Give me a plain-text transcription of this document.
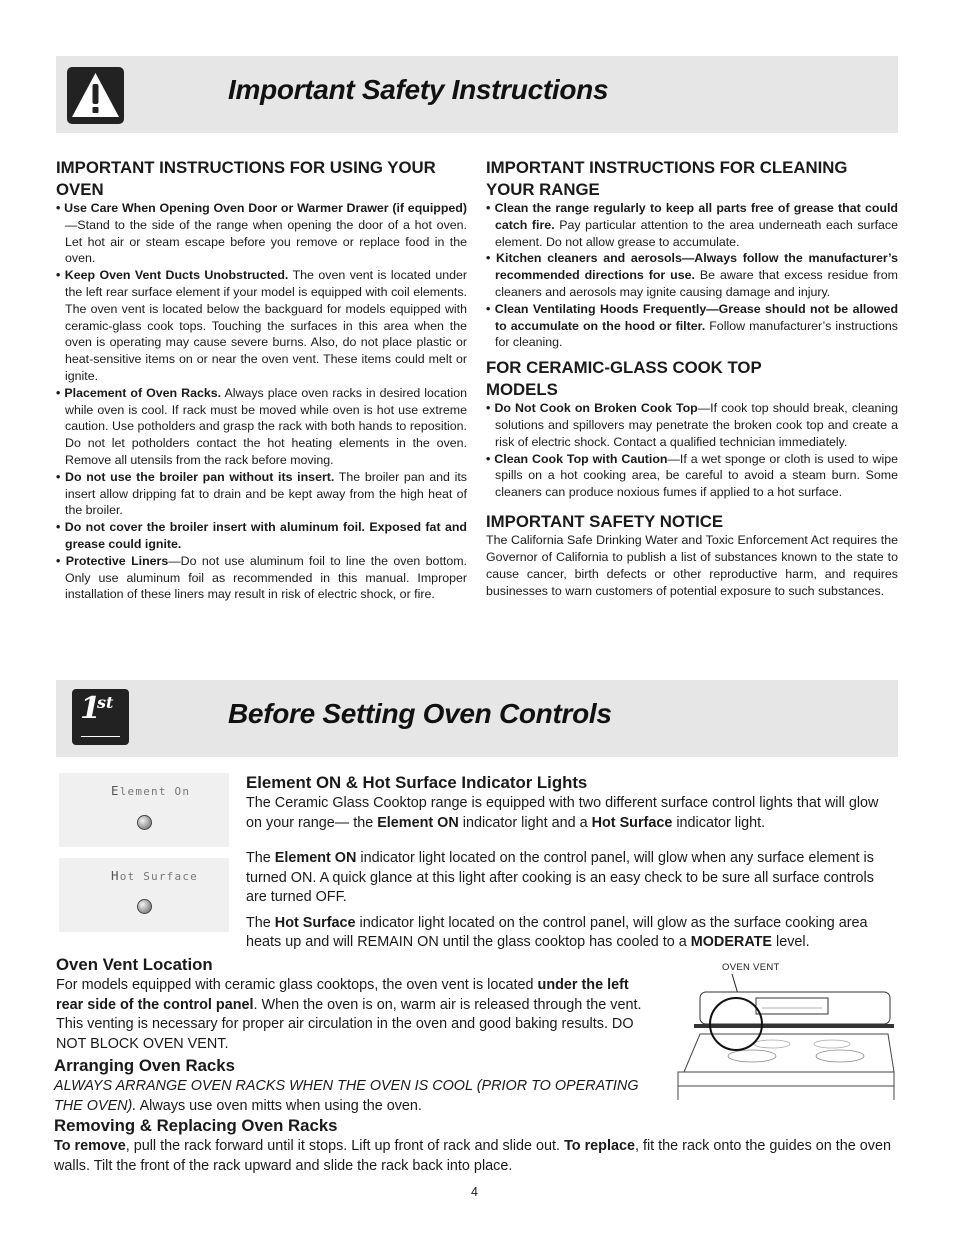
Important Safety Instructions

IMPORTANT INSTRUCTIONS FOR USING YOUR OVEN

• Use Care When Opening Oven Door or Warmer Drawer (if equipped)—Stand to the side of the range when opening the door of a hot oven. Let hot air or steam escape before you remove or replace food in the oven.
• Keep Oven Vent Ducts Unobstructed. The oven vent is located under the left rear surface element if your model is equipped with coil elements. The oven vent is located below the backguard for models equipped with ceramic-glass cook tops. Touching the surfaces in this area when the oven is operating may cause severe burns. Also, do not place plastic or heat-sensitive items on or near the oven vent. These items could melt or ignite.
• Placement of Oven Racks. Always place oven racks in desired location while oven is cool. If rack must be moved while oven is hot use extreme caution. Use potholders and grasp the rack with both hands to reposition. Do not let potholders contact the hot heating elements in the oven. Remove all utensils from the rack before moving.
• Do not use the broiler pan without its insert. The broiler pan and its insert allow dripping fat to drain and be kept away from the high heat of the broiler.
• Do not cover the broiler insert with aluminum foil. Exposed fat and grease could ignite.
• Protective Liners—Do not use aluminum foil to line the oven bottom. Only use aluminum foil as recommended in this manual. Improper installation of these liners may result in risk of electric shock, or fire.

IMPORTANT INSTRUCTIONS FOR CLEANING YOUR RANGE

• Clean the range regularly to keep all parts free of grease that could catch fire. Pay particular attention to the area underneath each surface element. Do not allow grease to accumulate.
• Kitchen cleaners and aerosols—Always follow the manufacturer’s recommended directions for use. Be aware that excess residue from cleaners and aerosols may ignite causing damage and injury.
• Clean Ventilating Hoods Frequently—Grease should not be allowed to accumulate on the hood or filter. Follow manufacturer’s instructions for cleaning.

FOR CERAMIC-GLASS COOK TOP MODELS

• Do Not Cook on Broken Cook Top—If cook top should break, cleaning solutions and spillovers may penetrate the broken cook top and create a risk of electric shock. Contact a qualified technician immediately.
• Clean Cook Top with Caution—If a wet sponge or cloth is used to wipe spills on a hot cooking area, be careful to avoid a steam burn. Some cleaners can produce noxious fumes if applied to a hot surface.

IMPORTANT SAFETY NOTICE

The California Safe Drinking Water and Toxic Enforcement Act requires the Governor of California to publish a list of substances known to the state to cause cancer, birth defects or other reproductive harm, and requires businesses to warn customers of potential exposure to such substances.

1
st	Before Setting Oven Controls
Element On
Hot Surface
Element ON & Hot Surface Indicator Lights

The Ceramic Glass Cooktop range is equipped with two different surface control lights that will glow on your range— the Element ON indicator light and a Hot Surface indicator light.

The Element ON indicator light located on the control panel, will glow when any surface element is turned ON. A quick glance at this light after cooking is an easy check to be sure all surface controls are turned OFF.

The Hot Surface indicator light located on the control panel, will glow as the surface cooking area heats up and will REMAIN ON until the glass cooktop has cooled to a MODERATE level.

Oven Vent Location

For models equipped with ceramic glass cooktops, the oven vent is located under the left rear side of the control panel. When the oven is on, warm air is released through the vent. This venting is necessary for proper air circulation in the oven and good baking results. DO NOT BLOCK OVEN VENT.

OVEN VENT
Arranging Oven Racks

ALWAYS ARRANGE OVEN RACKS WHEN THE OVEN IS COOL (PRIOR TO OPERATING THE OVEN). Always use oven mitts when using the oven.

Removing & Replacing Oven Racks

To remove, pull the rack forward until it stops. Lift up front of rack and slide out. To replace, fit the rack onto the guides on the oven walls. Tilt the front of the rack upward and slide the rack back into place.

4
